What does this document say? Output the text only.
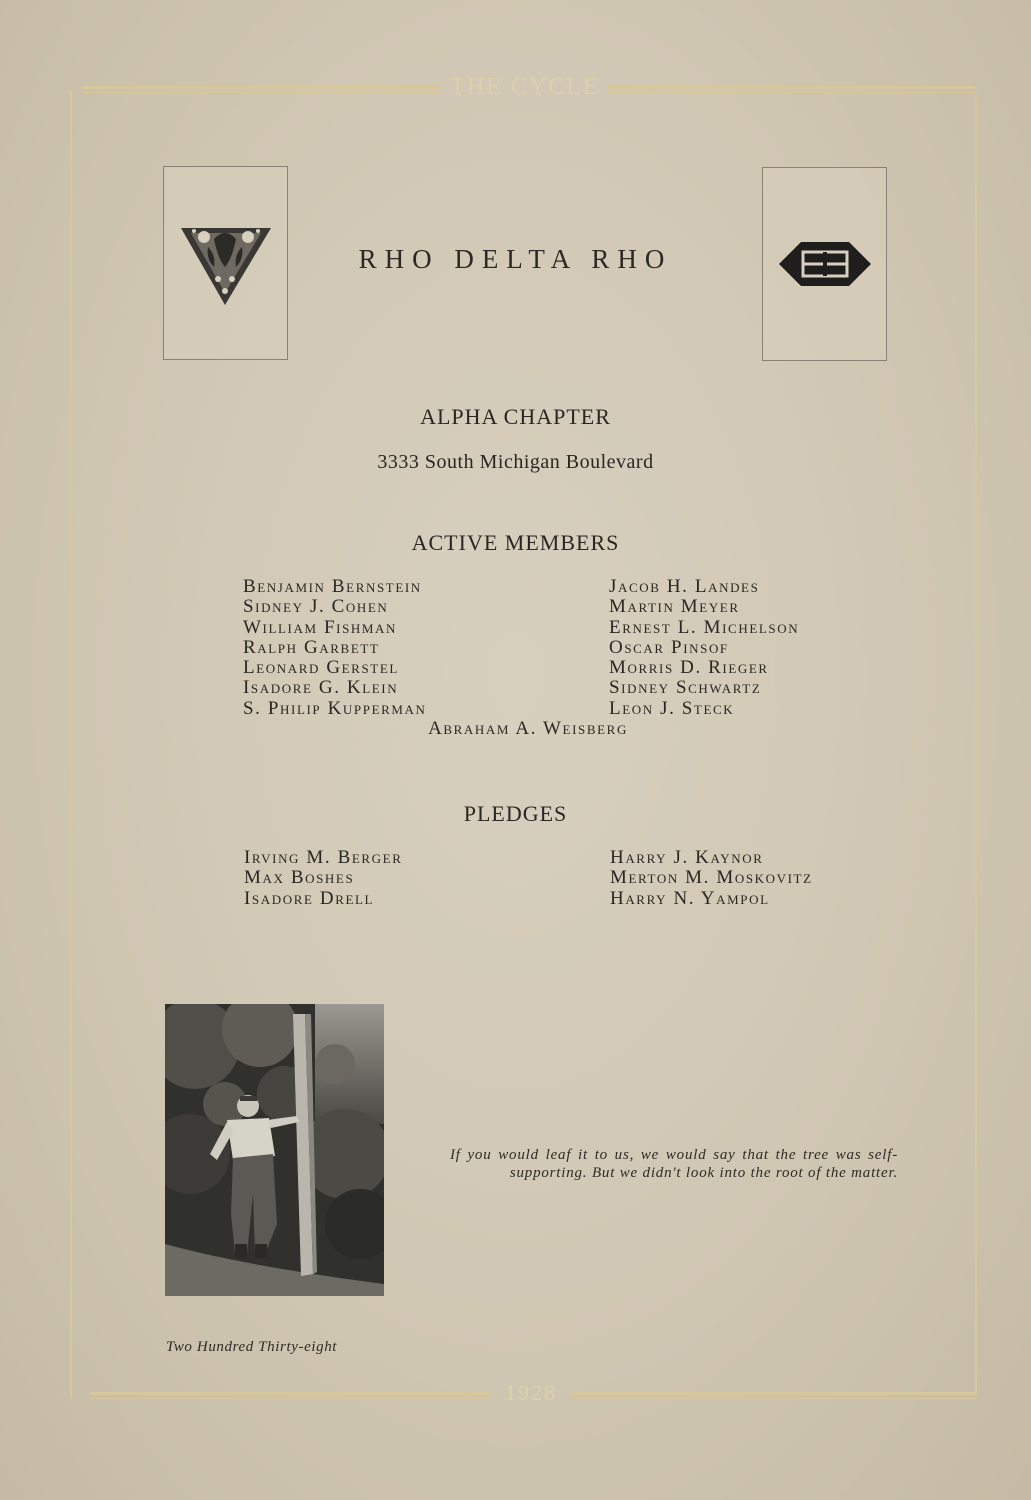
THE CYCLE
1928
RHO DELTA RHO
ALPHA CHAPTER
3333 South Michigan Boulevard
ACTIVE MEMBERS
Benjamin Bernstein
Sidney J. Cohen
William Fishman
Ralph Garbett
Leonard Gerstel
Isadore G. Klein
S. Philip Kupperman
Jacob H. Landes
Martin Meyer
Ernest L. Michelson
Oscar Pinsof
Morris D. Rieger
Sidney Schwartz
Leon J. Steck
Abraham A. Weisberg
PLEDGES
Irving M. Berger
Max Boshes
Isadore Drell
Harry J. Kaynor
Merton M. Moskovitz
Harry N. Yampol

If you would leaf it to us, we would say that the tree was self-supporting. But we didn't look into the root of the matter.

Two Hundred Thirty-eight
